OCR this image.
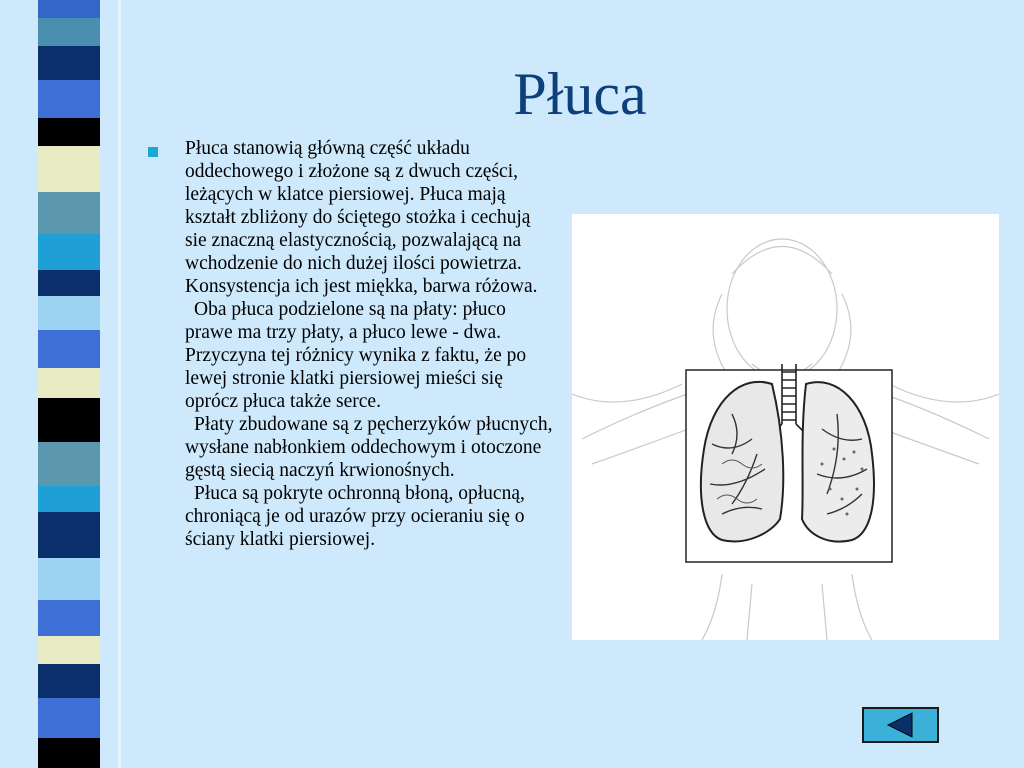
Płuca

Płuca stanowią główną część układu oddechowego i złożone są z dwuch części, leżących w klatce piersiowej. Płuca mają kształt zbliżony do ściętego stożka i cechują sie znaczną elastycznością, pozwalającą na wchodzenie do nich dużej ilości powietrza. Konsystencja ich jest miękka, barwa różowa.

Oba płuca podzielone są na płaty: płuco prawe ma trzy płaty, a płuco lewe - dwa. Przyczyna tej różnicy wynika z faktu, że po lewej stronie klatki piersiowej mieści się oprócz płuca także serce.

Płaty zbudowane są z pęcherzyków płucnych, wysłane nabłonkiem oddechowym i otoczone gęstą siecią naczyń krwionośnych.

Płuca są pokryte ochronną błoną, opłucną, chroniącą je od urazów przy ocieraniu się o ściany klatki piersiowej.
